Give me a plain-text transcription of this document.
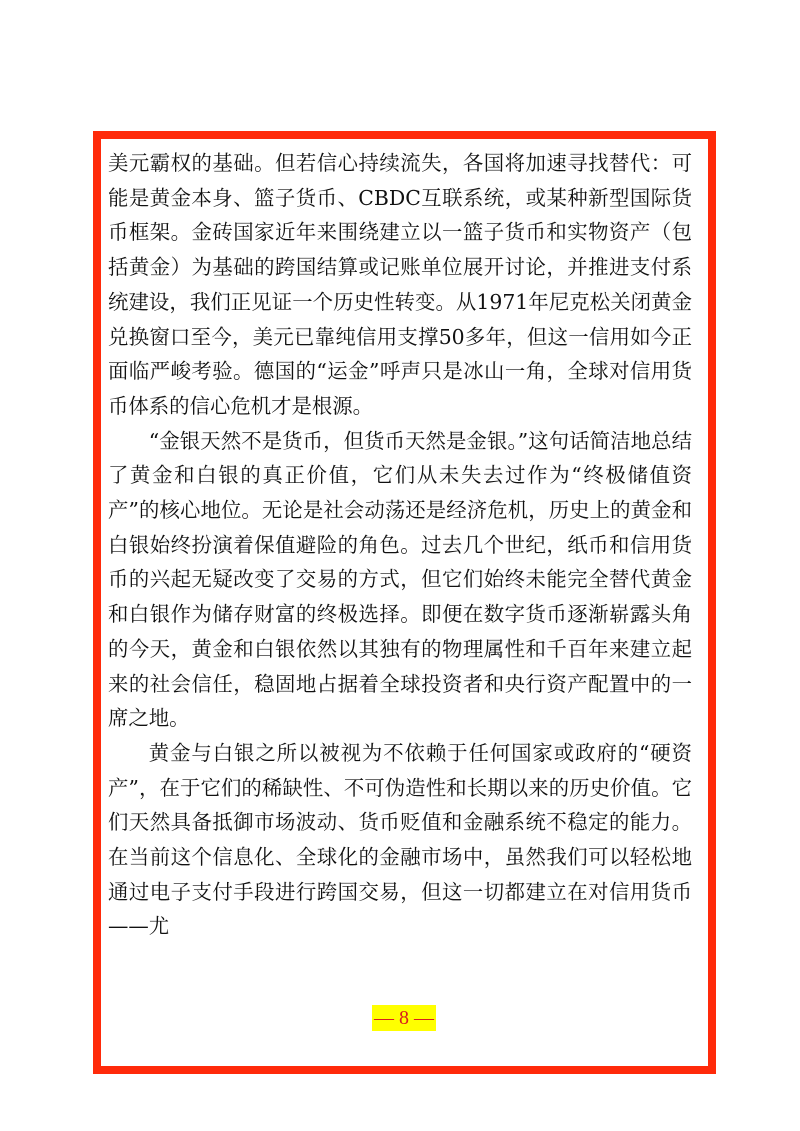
美元霸权的基础。但若信心持续流失，各国将加速寻找替代：可能是黄金本身、篮子货币、CBDC互联系统，或某种新型国际货币框架。金砖国家近年来围绕建立以一篮子货币和实物资产（包括黄金）为基础的跨国结算或记账单位展开讨论，并推进支付系统建设，我们正见证一个历史性转变。从1971年尼克松关闭黄金兑换窗口至今，美元已靠纯信用支撑50多年，但这一信用如今正面临严峻考验。德国的“运金”呼声只是冰山一角，全球对信用货币体系的信心危机才是根源。

“金银天然不是货币，但货币天然是金银。”这句话简洁地总结了黄金和白银的真正价值，它们从未失去过作为“终极储值资产”的核心地位。无论是社会动荡还是经济危机，历史上的黄金和白银始终扮演着保值避险的角色。过去几个世纪，纸币和信用货币的兴起无疑改变了交易的方式，但它们始终未能完全替代黄金和白银作为储存财富的终极选择。即便在数字货币逐渐崭露头角的今天，黄金和白银依然以其独有的物理属性和千百年来建立起来的社会信任，稳固地占据着全球投资者和央行资产配置中的一席之地。

黄金与白银之所以被视为不依赖于任何国家或政府的“硬资产”，在于它们的稀缺性、不可伪造性和长期以来的历史价值。它们天然具备抵御市场波动、货币贬值和金融系统不稳定的能力。在当前这个信息化、全球化的金融市场中，虽然我们可以轻松地通过电子支付手段进行跨国交易，但这一切都建立在对信用货币——尤

— 8 —
